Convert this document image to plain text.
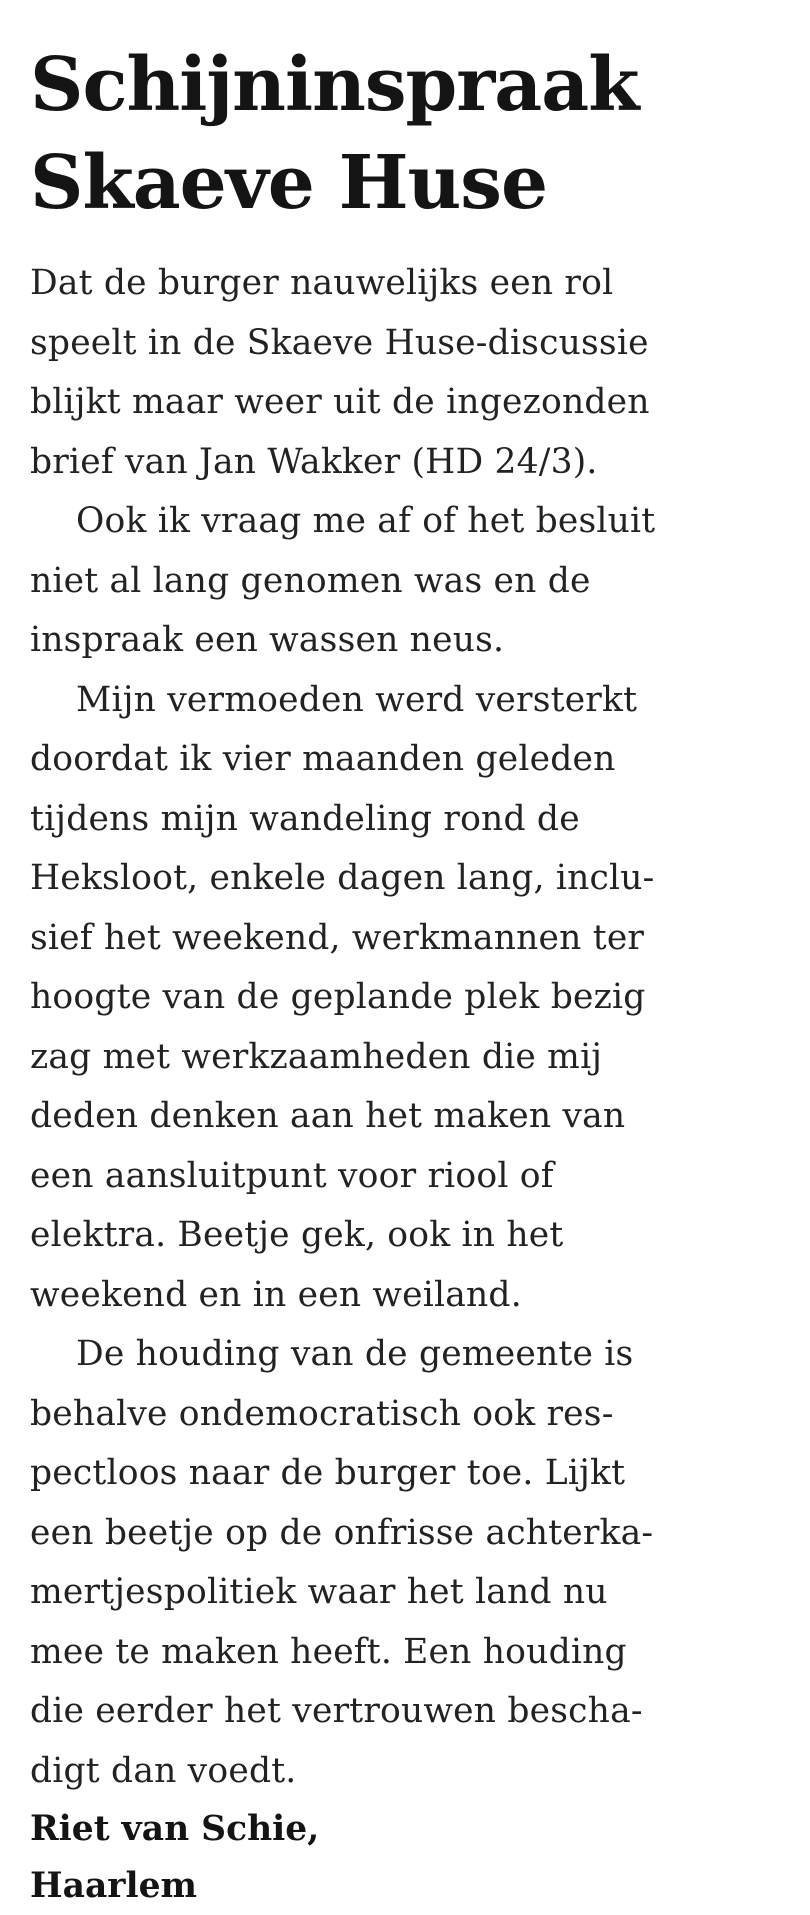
Schijninspraak
Skaeve Huse

Dat de burger nauwelijks een rol
speelt in de Skaeve Huse-discussie
blijkt maar weer uit de ingezonden
brief van Jan Wakker (HD 24/3).

Ook ik vraag me af of het besluit
niet al lang genomen was en de
inspraak een wassen neus.

Mijn vermoeden werd versterkt
doordat ik vier maanden geleden
tijdens mijn wandeling rond de
Heksloot, enkele dagen lang, inclu-
sief het weekend, werkmannen ter
hoogte van de geplande plek bezig
zag met werkzaamheden die mij
deden denken aan het maken van
een aansluitpunt voor riool of
elektra. Beetje gek, ook in het
weekend en in een weiland.

De houding van de gemeente is
behalve ondemocratisch ook res-
pectloos naar de burger toe. Lijkt
een beetje op de onfrisse achterka-
mertjespolitiek waar het land nu
mee te maken heeft. Een houding
die eerder het vertrouwen bescha-
digt dan voedt.

Riet van Schie,
Haarlem
